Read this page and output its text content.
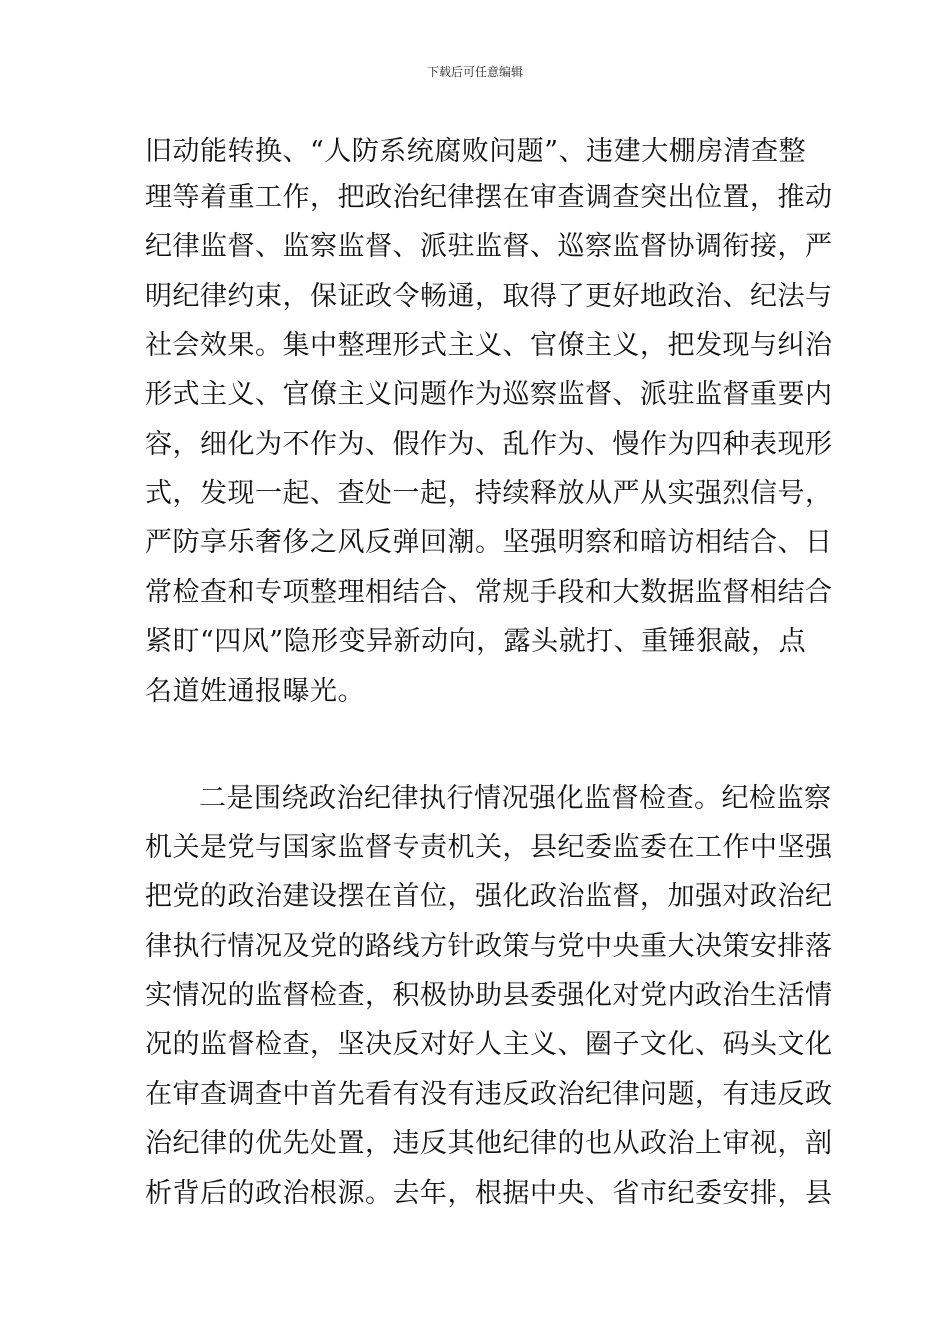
下载后可任意编辑
旧动能转换、“人防系统腐败问题”、违建大棚房清查整
理等着重工作，把政治纪律摆在审查调查突出位置，推动
纪律监督、监察监督、派驻监督、巡察监督协调衔接，严
明纪律约束，保证政令畅通，取得了更好地政治、纪法与
社会效果。集中整理形式主义、官僚主义，把发现与纠治
形式主义、官僚主义问题作为巡察监督、派驻监督重要内
容，细化为不作为、假作为、乱作为、慢作为四种表现形
式，发现一起、查处一起，持续释放从严从实强烈信号，
严防享乐奢侈之风反弹回潮。坚强明察和暗访相结合、日
常检查和专项整理相结合、常规手段和大数据监督相结合
紧盯“四风”隐形变异新动向，露头就打、重锤狠敲，点
名道姓通报曝光。
二是围绕政治纪律执行情况强化监督检查。纪检监察
机关是党与国家监督专责机关，县纪委监委在工作中坚强
把党的政治建设摆在首位，强化政治监督，加强对政治纪
律执行情况及党的路线方针政策与党中央重大决策安排落
实情况的监督检查，积极协助县委强化对党内政治生活情
况的监督检查，坚决反对好人主义、圈子文化、码头文化
在审查调查中首先看有没有违反政治纪律问题，有违反政
治纪律的优先处置，违反其他纪律的也从政治上审视，剖
析背后的政治根源。去年，根据中央、省市纪委安排，县
